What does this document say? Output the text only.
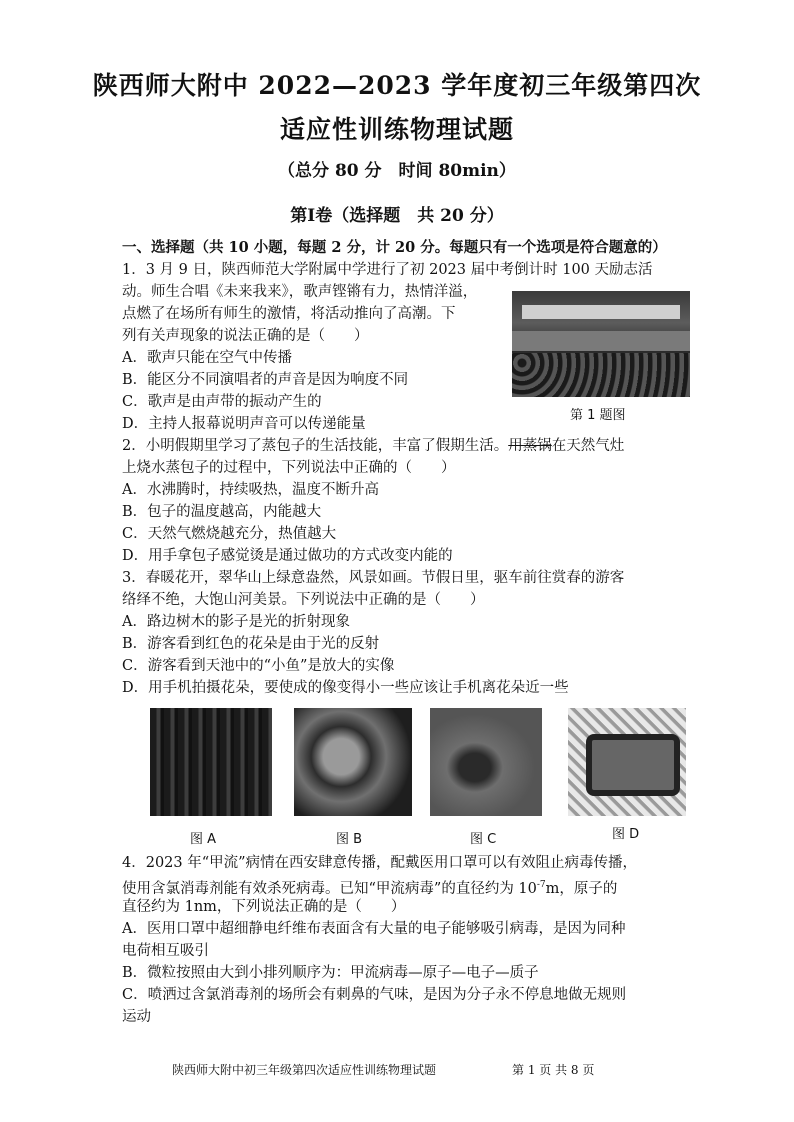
陕西师大附中 2022—2023 学年度初三年级第四次
适应性训练物理试题
（总分 80 分　时间 80min）
第Ⅰ卷（选择题　共 20 分）
一、选择题（共 10 小题，每题 2 分，计 20 分。每题只有一个选项是符合题意的）
1．3 月 9 日，陕西师范大学附属中学进行了初 2023 届中考倒计时 100 天励志活
动。师生合唱《未来我来》，歌声铿锵有力，热情洋溢，
点燃了在场所有师生的激情，将活动推向了高潮。下
列有关声现象的说法正确的是（　　）
A．歌声只能在空气中传播
B．能区分不同演唱者的声音是因为响度不同
C．歌声是由声带的振动产生的
D．主持人报幕说明声音可以传递能量
第 1 题图
2．小明假期里学习了蒸包子的生活技能，丰富了假期生活。用蒸锅在天然气灶
上烧水蒸包子的过程中，下列说法中正确的（　　）
A．水沸腾时，持续吸热，温度不断升高
B．包子的温度越高，内能越大
C．天然气燃烧越充分，热值越大
D．用手拿包子感觉烫是通过做功的方式改变内能的
3．春暖花开，翠华山上绿意盎然，风景如画。节假日里，驱车前往赏春的游客
络绎不绝，大饱山河美景。下列说法中正确的是（　　）
A．路边树木的影子是光的折射现象
B．游客看到红色的花朵是由于光的反射
C．游客看到天池中的“小鱼”是放大的实像
D．用手机拍摄花朵，要使成的像变得小一些应该让手机离花朵近一些
图 A	图 B	图 C	图 D
4．2023 年“甲流”病情在西安肆意传播，配戴医用口罩可以有效阻止病毒传播，
使用含氯消毒剂能有效杀死病毒。已知“甲流病毒”的直径约为 $10^{-7}m$，原子的
直径约为 1nm，下列说法正确的是（　　）
A．医用口罩中超细静电纤维布表面含有大量的电子能够吸引病毒，是因为同种
电荷相互吸引
B．微粒按照由大到小排列顺序为：甲流病毒—原子—电子—质子
C．喷洒过含氯消毒剂的场所会有刺鼻的气味，是因为分子永不停息地做无规则
运动
陕西师大附中初三年级第四次适应性训练物理试题	第 1 页 共 8 页
